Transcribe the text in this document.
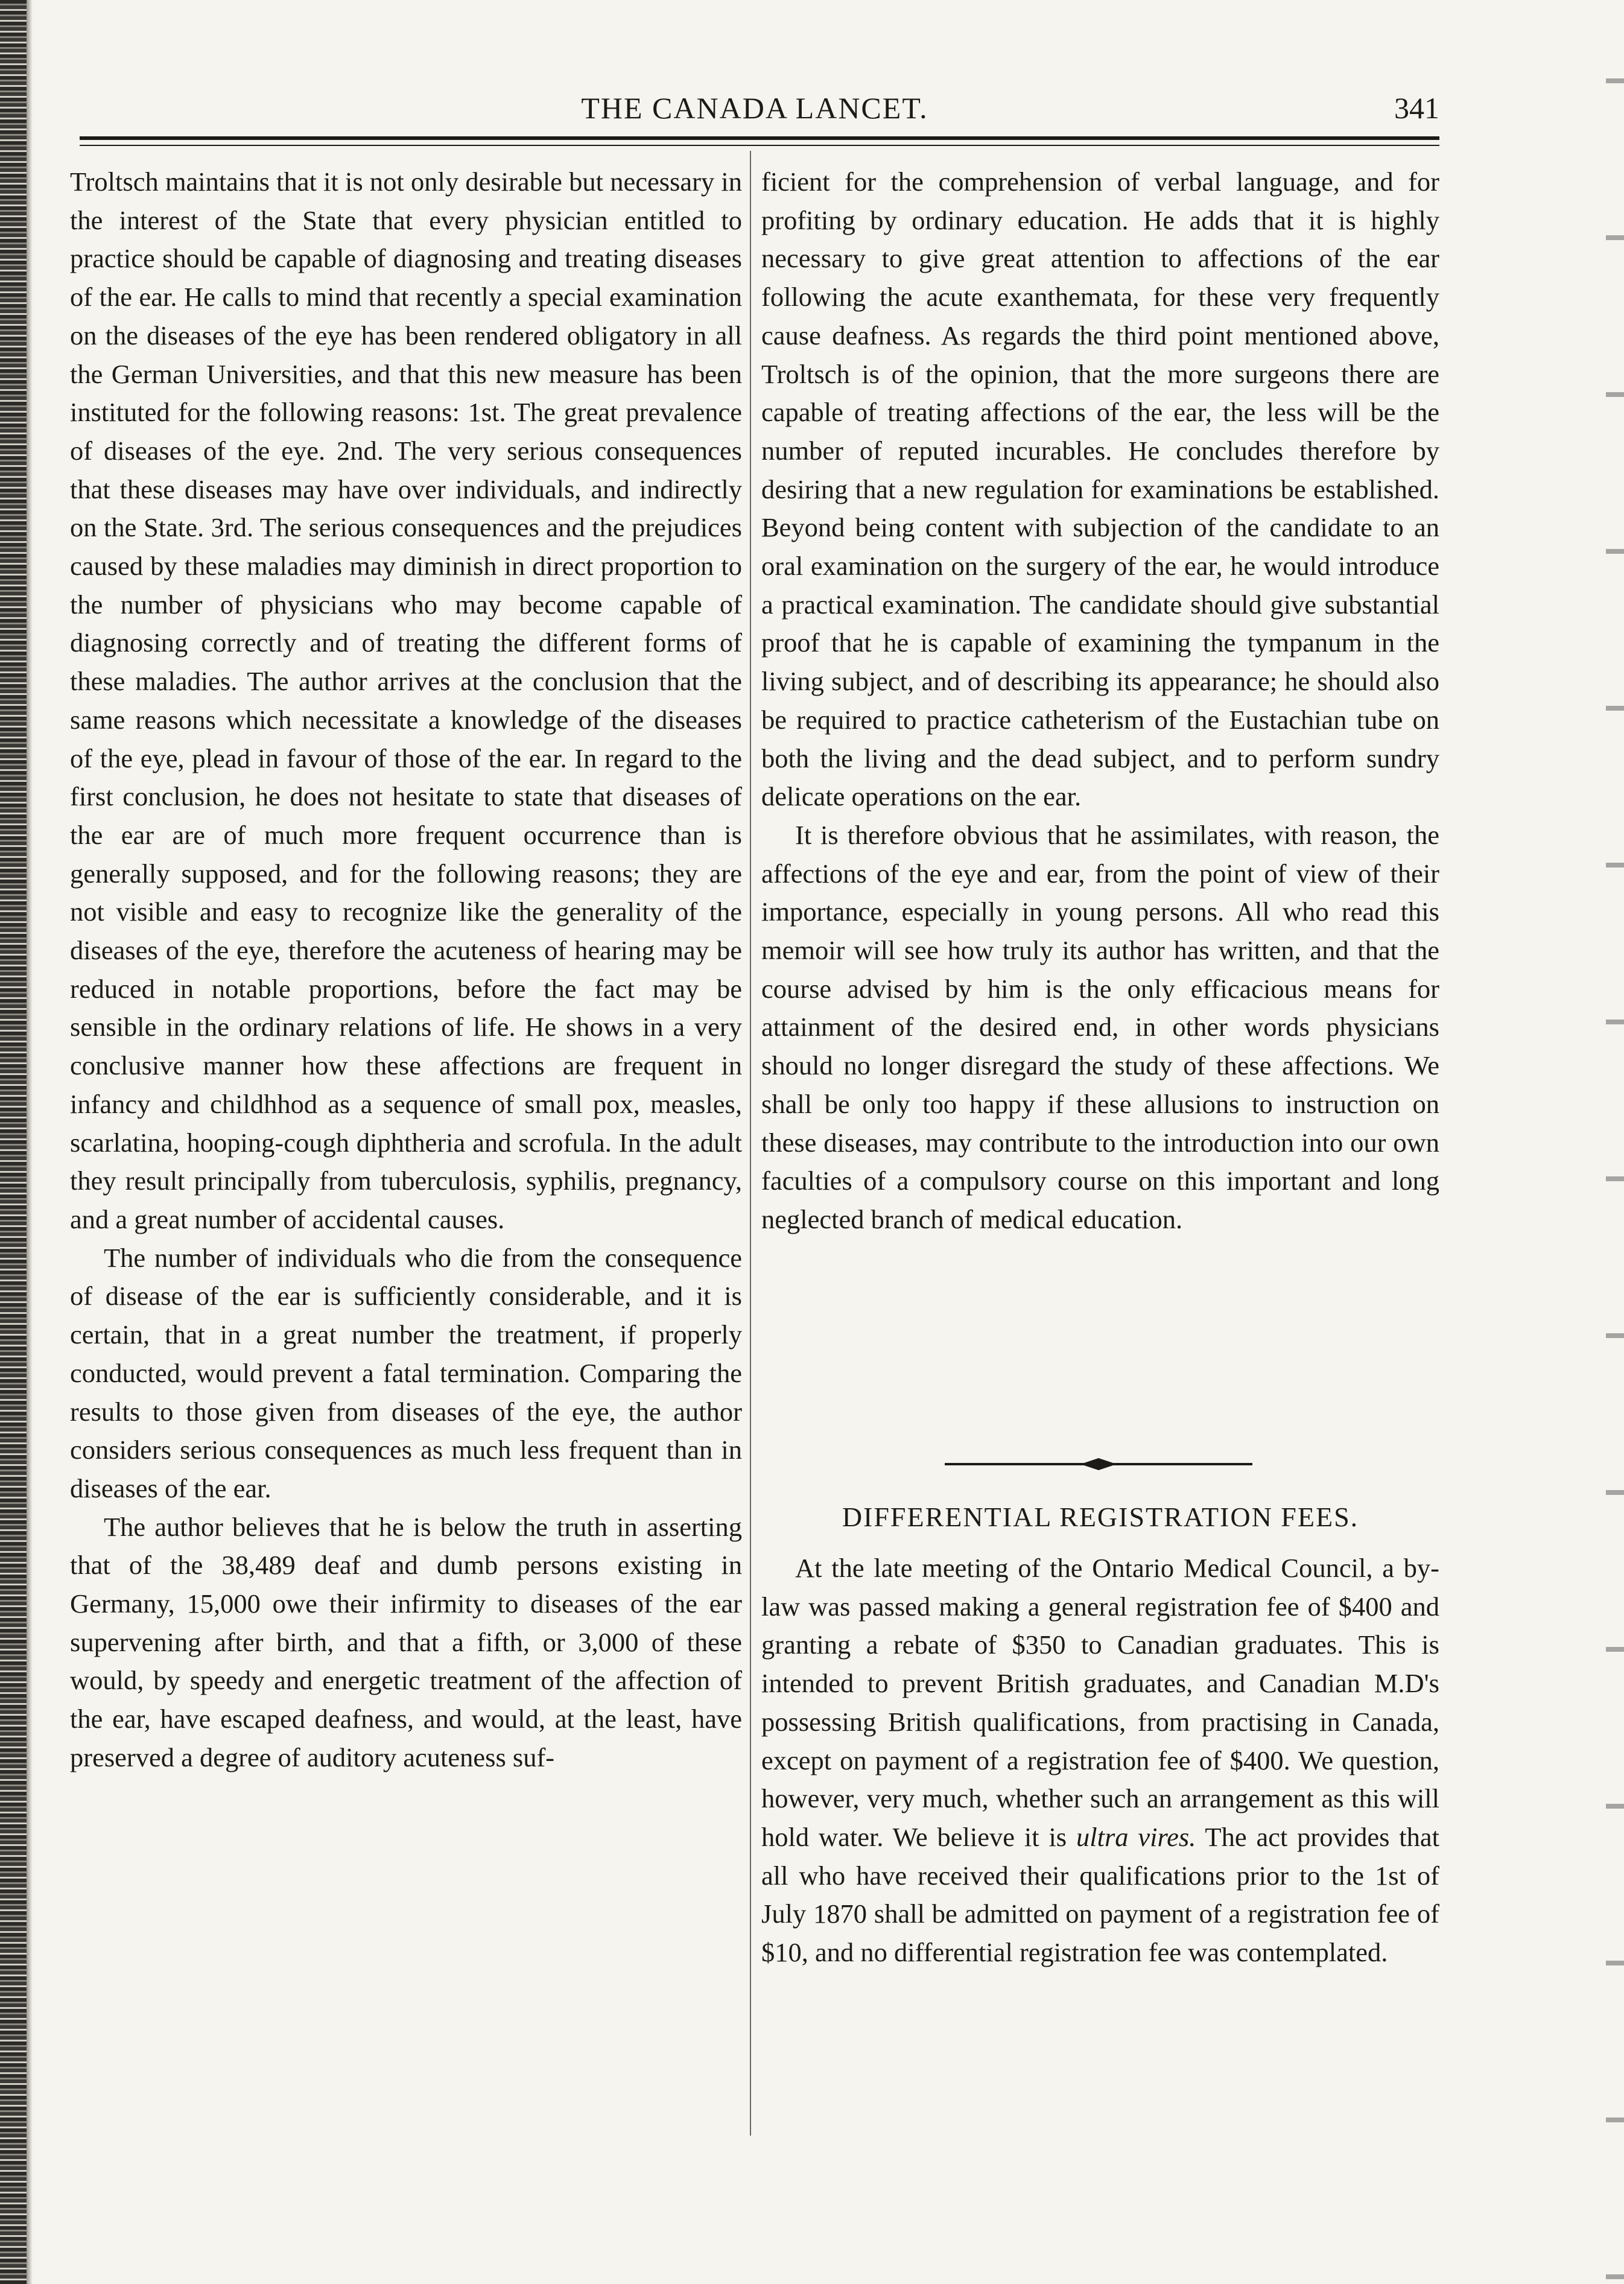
THE CANADA LANCET.	341

Troltsch maintains that it is not only desirable but necessary in the interest of the State that every physician entitled to practice should be capable of diagnosing and treating diseases of the ear. He calls to mind that recently a special examination on the diseases of the eye has been rendered obligatory in all the German Universities, and that this new measure has been instituted for the following reasons: 1st. The great prevalence of diseases of the eye. 2nd. The very serious consequences that these diseases may have over individuals, and indirectly on the State. 3rd. The serious consequences and the prejudices caused by these maladies may diminish in direct proportion to the number of physicians who may become capable of diagnosing correctly and of treating the different forms of these maladies. The author arrives at the conclusion that the same reasons which necessitate a knowledge of the diseases of the eye, plead in favour of those of the ear. In regard to the first conclusion, he does not hesitate to state that diseases of the ear are of much more frequent occurrence than is generally supposed, and for the following reasons; they are not visible and easy to recognize like the generality of the diseases of the eye, therefore the acuteness of hearing may be reduced in notable proportions, before the fact may be sensible in the ordinary relations of life. He shows in a very conclusive manner how these affections are frequent in infancy and childhhod as a sequence of small pox, measles, scarlatina, hooping-cough diphtheria and scrofula. In the adult they result principally from tuberculosis, syphilis, pregnancy, and a great number of accidental causes.

The number of individuals who die from the consequence of disease of the ear is sufficiently considerable, and it is certain, that in a great number the treatment, if properly conducted, would prevent a fatal termination. Comparing the results to those given from diseases of the eye, the author considers serious consequences as much less frequent than in diseases of the ear.

The author believes that he is below the truth in asserting that of the 38,489 deaf and dumb persons existing in Germany, 15,000 owe their infirmity to diseases of the ear supervening after birth, and that a fifth, or 3,000 of these would, by speedy and energetic treatment of the affection of the ear, have escaped deafness, and would, at the least, have preserved a degree of auditory acuteness suf-

ficient for the comprehension of verbal language, and for profiting by ordinary education. He adds that it is highly necessary to give great attention to affections of the ear following the acute exanthemata, for these very frequently cause deafness. As regards the third point mentioned above, Troltsch is of the opinion, that the more surgeons there are capable of treating affections of the ear, the less will be the number of reputed incurables. He concludes therefore by desiring that a new regulation for examinations be established. Beyond being content with subjection of the candidate to an oral examination on the surgery of the ear, he would introduce a practical examination. The candidate should give substantial proof that he is capable of examining the tympanum in the living subject, and of describing its appearance; he should also be required to practice catheterism of the Eustachian tube on both the living and the dead subject, and to perform sundry delicate operations on the ear.

It is therefore obvious that he assimilates, with reason, the affections of the eye and ear, from the point of view of their importance, especially in young persons. All who read this memoir will see how truly its author has written, and that the course advised by him is the only efficacious means for attainment of the desired end, in other words physicians should no longer disregard the study of these affections. We shall be only too happy if these allusions to instruction on these diseases, may contribute to the introduction into our own faculties of a compulsory course on this important and long neglected branch of medical education.

DIFFERENTIAL REGISTRATION FEES.

At the late meeting of the Ontario Medical Council, a by-law was passed making a general registration fee of $400 and granting a rebate of $350 to Canadian graduates. This is intended to prevent British graduates, and Canadian M.D's possessing British qualifications, from practising in Canada, except on payment of a registration fee of $400. We question, however, very much, whether such an arrangement as this will hold water. We believe it is ultra vires. The act provides that all who have received their qualifications prior to the 1st of July 1870 shall be admitted on payment of a registration fee of $10, and no differential registration fee was contemplated.
